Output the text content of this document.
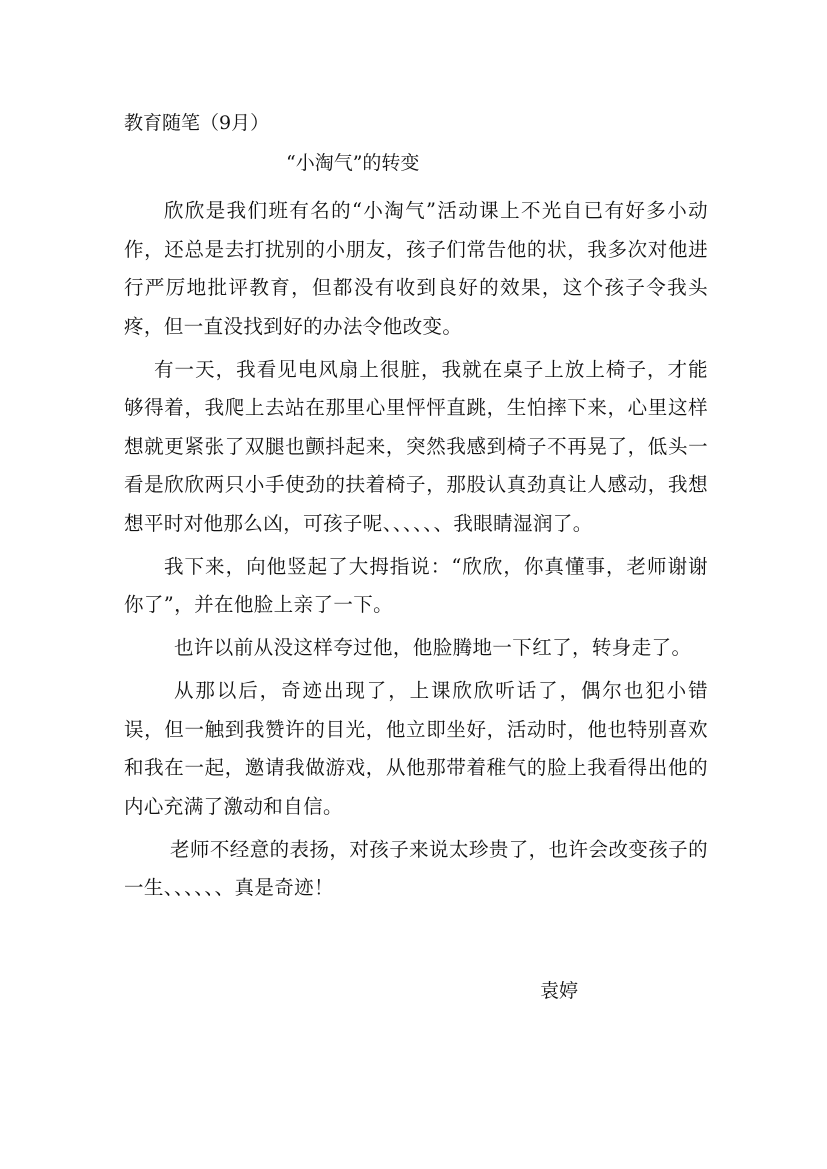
教育随笔（9月）
“小淘气”的转变

欣欣是我们班有名的“小淘气”活动课上不光自已有好多小动作，还总是去打扰别的小朋友，孩子们常告他的状，我多次对他进行严厉地批评教育，但都没有收到良好的效果，这个孩子令我头疼，但一直没找到好的办法令他改变。

有一天，我看见电风扇上很脏，我就在桌子上放上椅子，才能够得着，我爬上去站在那里心里怦怦直跳，生怕摔下来，心里这样想就更紧张了双腿也颤抖起来，突然我感到椅子不再晃了，低头一看是欣欣两只小手使劲的扶着椅子，那股认真劲真让人感动，我想想平时对他那么凶，可孩子呢、、、、、、我眼睛湿润了。

我下来，向他竖起了大拇指说：“欣欣，你真懂事，老师谢谢你了”，并在他脸上亲了一下。

也许以前从没这样夸过他，他脸腾地一下红了，转身走了。

从那以后，奇迹出现了，上课欣欣听话了，偶尔也犯小错误，但一触到我赞许的目光，他立即坐好，活动时，他也特别喜欢和我在一起，邀请我做游戏，从他那带着稚气的脸上我看得出他的内心充满了激动和自信。

老师不经意的表扬，对孩子来说太珍贵了，也许会改变孩子的一生、、、、、、真是奇迹！

袁婷
